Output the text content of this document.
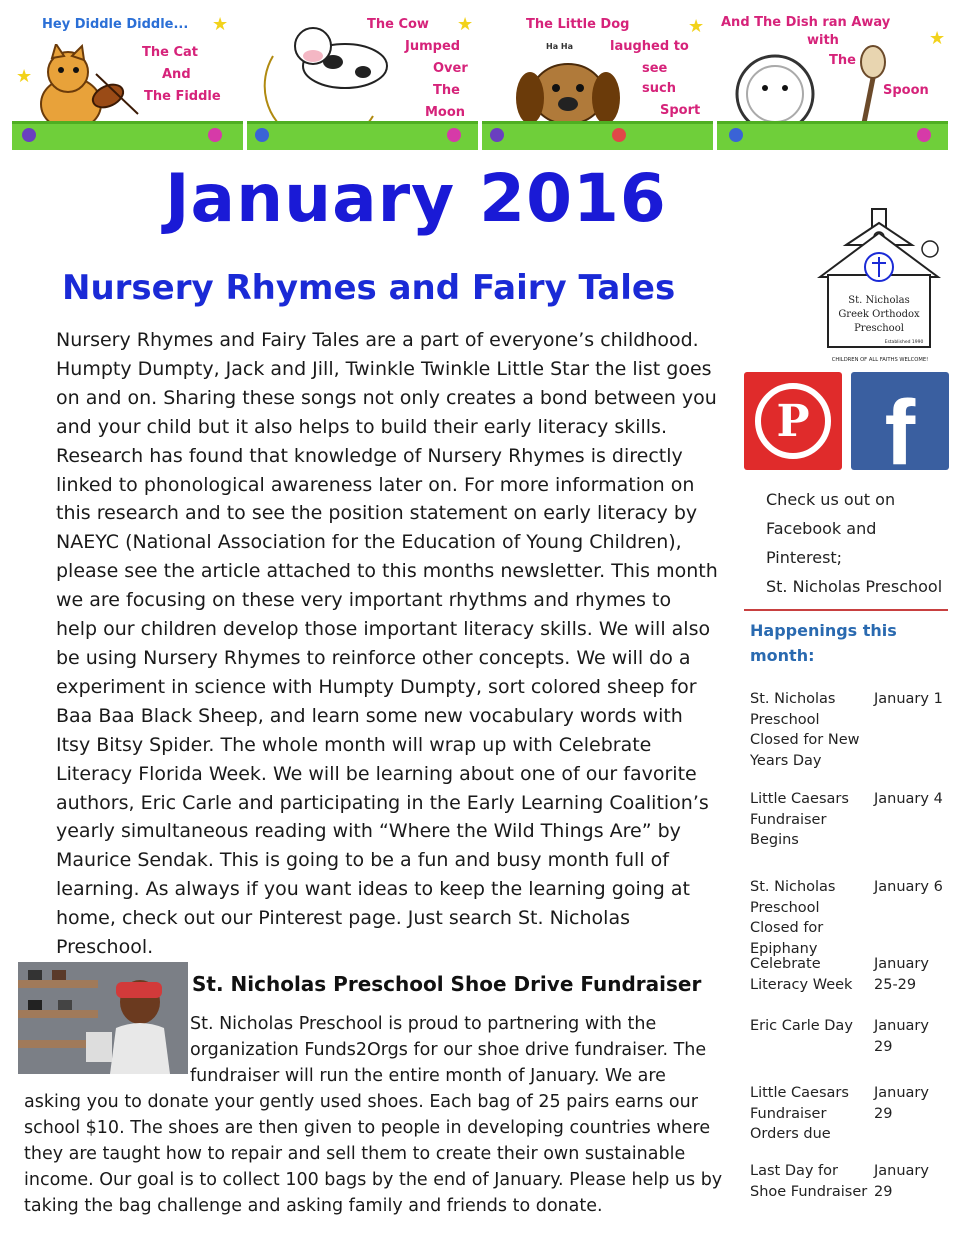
Hey Diddle Diddle...
The Cat
And
The Fiddle
★
★
The Cow
Jumped
Over
The
Moon
★	The Little Dog
laughed to
see
such
Sport
Ha Ha
★ And The Dish ran Away
with
The
Spoon
★
January 2016
Nursery Rhymes and Fairy Tales
Nursery Rhymes and Fairy Tales are a part of everyone’s childhood. Humpty Dumpty, Jack and Jill, Twinkle Twinkle Little Star the list goes on and on. Sharing these songs not only creates a bond between you and your child but it also helps to build their early literacy skills. Research has found that knowledge of Nursery Rhymes is directly linked to phonological awareness later on. For more information on this research and to see the position statement on early literacy by NAEYC (National Association for the Education of Young Children), please see the article attached to this months newsletter. This month we are focusing on these very important rhythms and rhymes to help our children develop those important literacy skills. We will also be using Nursery Rhymes to reinforce other concepts. We will do a experiment in science with Humpty Dumpty, sort colored sheep for Baa Baa Black Sheep, and learn some new vocabulary words with Itsy Bitsy Spider. The whole month will wrap up with Celebrate Literacy Florida Week. We will be learning about one of our favorite authors, Eric Carle and participating in the Early Learning Coalition’s yearly simultaneous reading with “Where the Wild Things Are” by Maurice Sendak. This is going to be a fun and busy month full of learning. As always if you want ideas to keep the learning going at home, check out our Pinterest page. Just search St. Nicholas Preschool.
St. Nicholas Preschool Shoe Drive Fundraiser
St. Nicholas Preschool is proud to partnering with the organization Funds2Orgs for our shoe drive fundraiser. The fundraiser will run the entire month of January. We are
asking you to donate your gently used shoes. Each bag of 25 pairs earns our school $10. The shoes are then given to people in developing countries where they are taught how to repair and sell them to create their own sustainable income. Our goal is to collect 100 bags by the end of January. Please help us by taking the bag challenge and asking family and friends to donate.
St. Nicholas
Greek Orthodox
Preschool
Established 1990
CHILDREN OF ALL FAITHS WELCOME!
P f
Check us out on
Facebook and
Pinterest;
St. Nicholas Preschool
Happenings this month:
St. Nicholas Preschool Closed for New Years Day
January 1
Little Caesars Fundraiser Begins
January 4
St. Nicholas Preschool Closed for Epiphany
January 6
Celebrate Literacy Week
January 25-29
Eric Carle Day	January 29
Little Caesars Fundraiser Orders due
January 29
Last Day for Shoe Fundraiser
January 29
